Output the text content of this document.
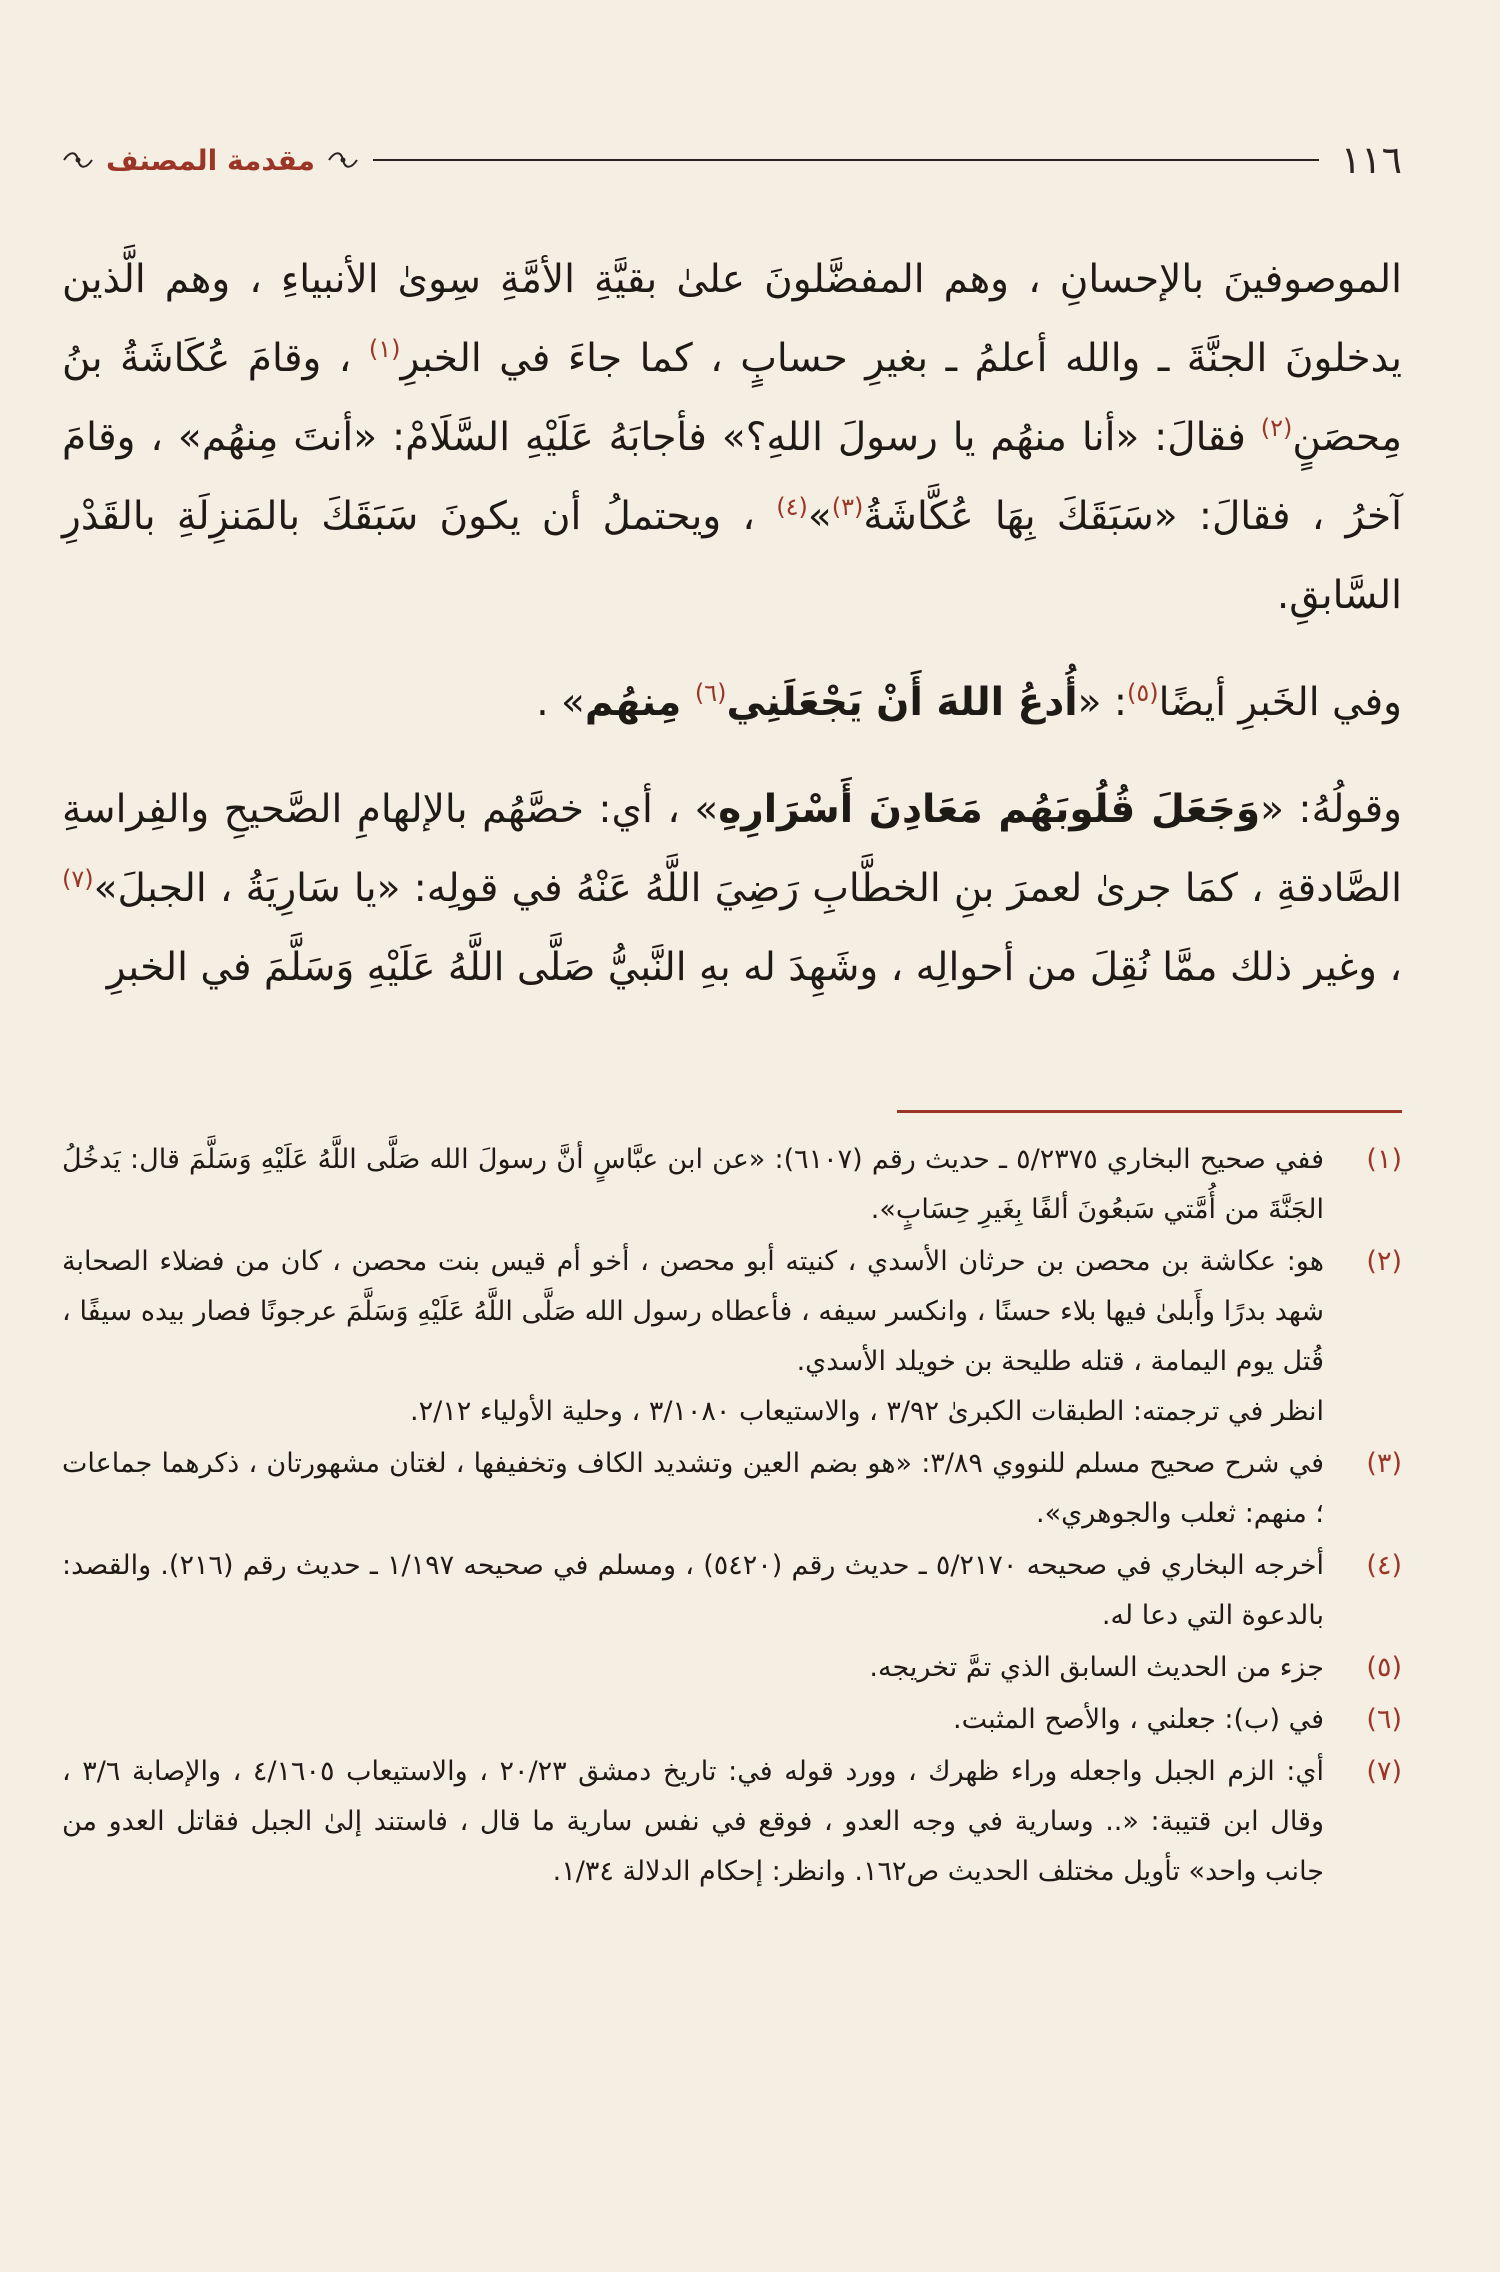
١١٦
مقدمة المصنف

الموصوفينَ بالإحسانِ ، وهم المفضَّلونَ علىٰ بقيَّةِ الأمَّةِ سِوىٰ الأنبياءِ ، وهم الَّذين يدخلونَ الجنَّةَ ـ والله أعلمُ ـ بغيرِ حسابٍ ، كما جاءَ في الخبرِ$^{(١)}$ ، وقامَ عُكَاشَةُ بنُ مِحصَنٍ$^{(٢)}$ فقالَ: «أنا منهُم يا رسولَ اللهِ؟» فأجابَهُ عَلَيْهِ السَّلَامْ: «أنتَ مِنهُم» ، وقامَ آخرُ ، فقالَ: «سَبَقَكَ بِهَا عُكَّاشَةُ$^{(٣)}$»$^{(٤)}$ ، ويحتملُ أن يكونَ سَبَقَكَ بالمَنزِلَةِ بالقَدْرِ السَّابقِ.

وفي الخَبرِ أيضًا$^{(٥)}$: «أُدعُ اللهَ أَنْ يَجْعَلَنِي$^{(٦)}$ مِنهُم» .

وقولُهُ: «وَجَعَلَ قُلُوبَهُم مَعَادِنَ أَسْرَارِهِ» ، أي: خصَّهُم بالإلهامِ الصَّحيحِ والفِراسةِ الصَّادقةِ ، كمَا جرىٰ لعمرَ بنِ الخطَّابِ رَضِيَ اللَّهُ عَنْهُ في قولِه: «يا سَارِيَةُ ، الجبلَ»$^{(٧)}$ ، وغير ذلك ممَّا نُقِلَ من أحوالِه ، وشَهِدَ له بهِ النَّبيُّ صَلَّى اللَّهُ عَلَيْهِ وَسَلَّمَ في الخبرِ

(١)
ففي صحيح البخاري ٥/٢٣٧٥ ـ حديث رقم (٦١٠٧): «عن ابن عبَّاسٍ أنَّ رسولَ الله صَلَّى اللَّهُ عَلَيْهِ وَسَلَّمَ قال: يَدخُلُ الجَنَّةَ من أُمَّتي سَبعُونَ ألفًا بِغَيرِ حِسَابٍ».
(٢)
هو: عكاشة بن محصن بن حرثان الأسدي ، كنيته أبو محصن ، أخو أم قيس بنت محصن ، كان من فضلاء الصحابة شهد بدرًا وأَبلىٰ فيها بلاء حسنًا ، وانكسر سيفه ، فأعطاه رسول الله صَلَّى اللَّهُ عَلَيْهِ وَسَلَّمَ عرجونًا فصار بيده سيفًا ، قُتل يوم اليمامة ، قتله طليحة بن خويلد الأسدي.
انظر في ترجمته: الطبقات الكبرىٰ ٣/٩٢ ، والاستيعاب ٣/١٠٨٠ ، وحلية الأولياء ٢/١٢.
(٣)
في شرح صحيح مسلم للنووي ٣/٨٩: «هو بضم العين وتشديد الكاف وتخفيفها ، لغتان مشهورتان ، ذكرهما جماعات ؛ منهم: ثعلب والجوهري».
(٤)
أخرجه البخاري في صحيحه ٥/٢١٧٠ ـ حديث رقم (٥٤٢٠) ، ومسلم في صحيحه ١/١٩٧ ـ حديث رقم (٢١٦). والقصد: بالدعوة التي دعا له.
(٥)
جزء من الحديث السابق الذي تمَّ تخريجه.
(٦)
في (ب): جعلني ، والأصح المثبت.
(٧)
أي: الزم الجبل واجعله وراء ظهرك ، وورد قوله في: تاريخ دمشق ٢٠/٢٣ ، والاستيعاب ٤/١٦٠٥ ، والإصابة ٣/٦ ، وقال ابن قتيبة: «.. وسارية في وجه العدو ، فوقع في نفس سارية ما قال ، فاستند إلىٰ الجبل فقاتل العدو من جانب واحد» تأويل مختلف الحديث ص١٦٢. وانظر: إحكام الدلالة ١/٣٤.
